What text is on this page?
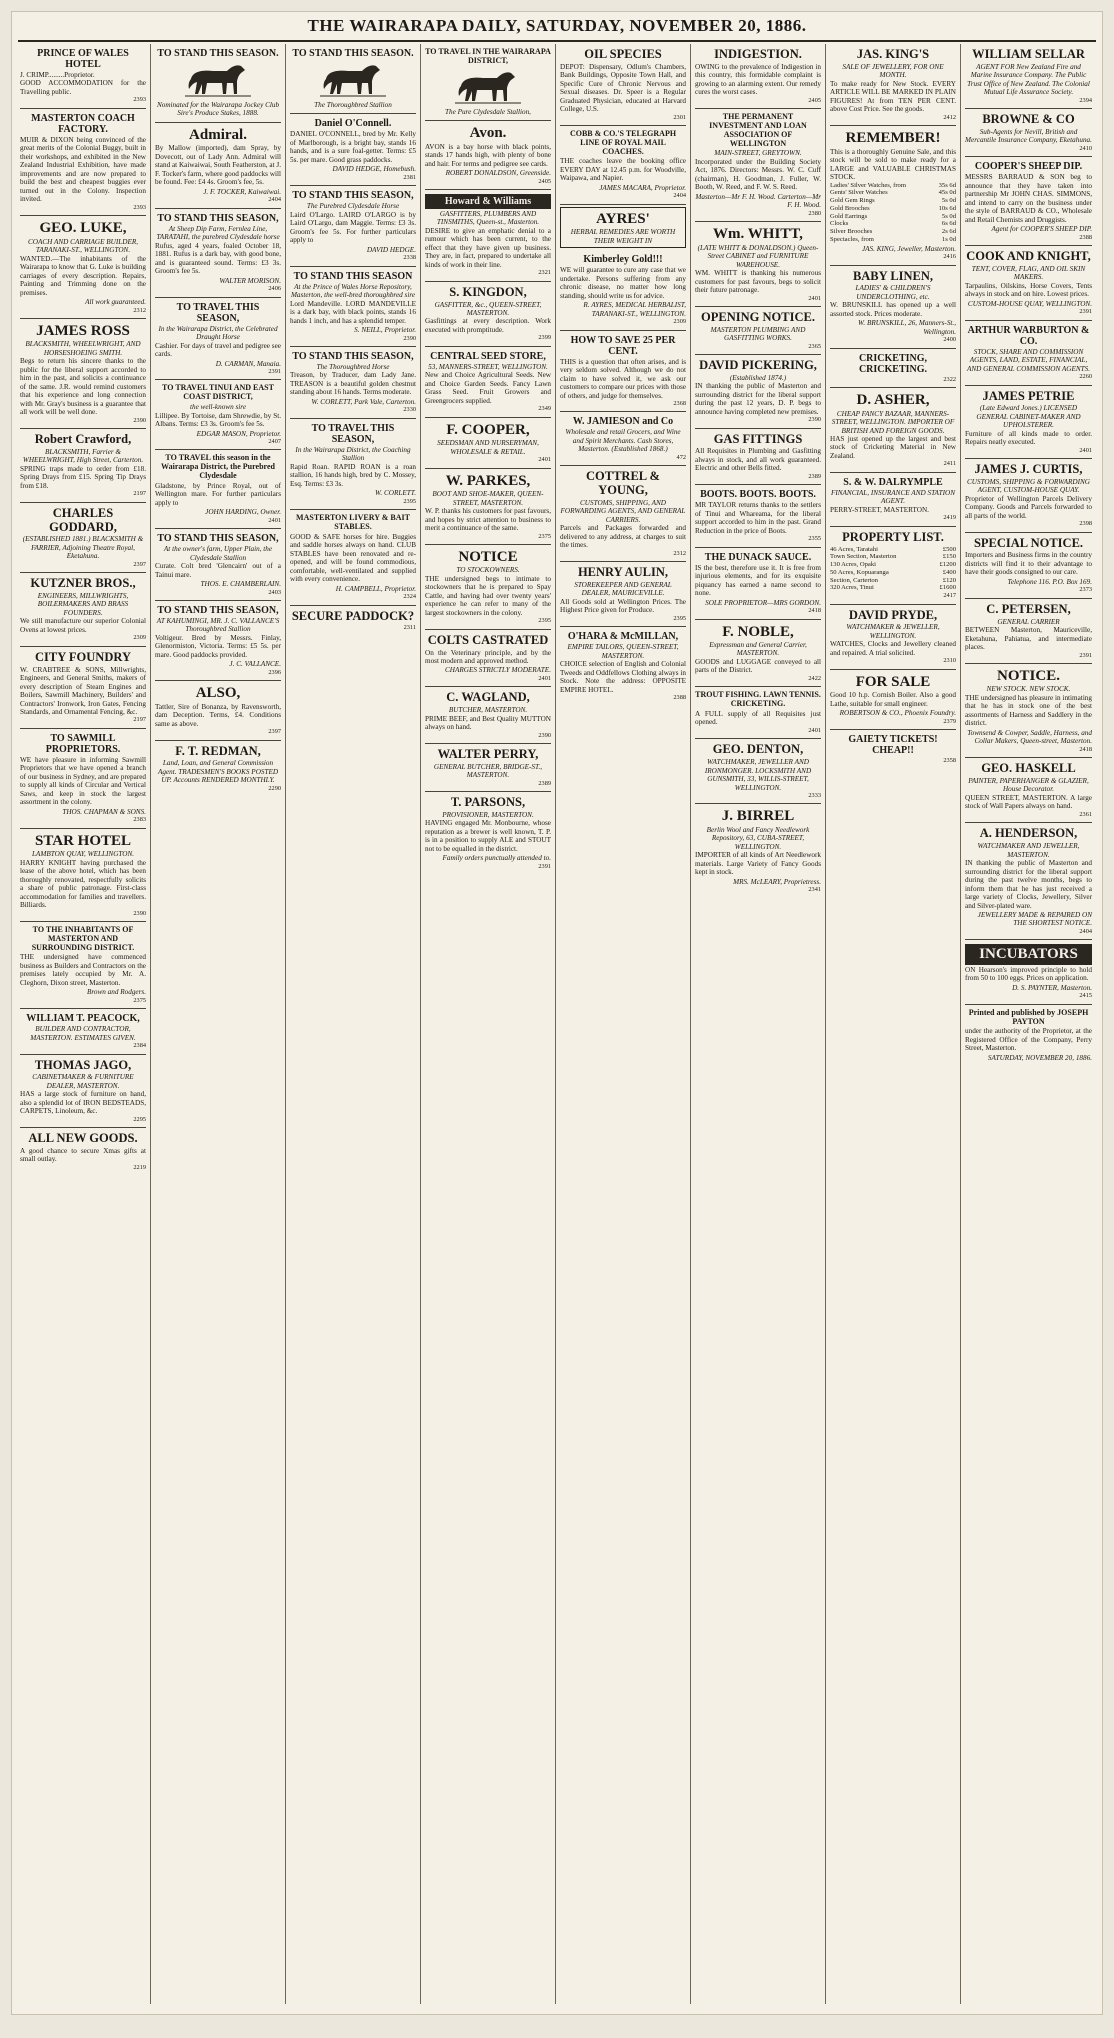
THE WAIRARAPA DAILY, SATURDAY, NOVEMBER 20, 1886.
PRINCE OF WALES HOTEL
J. CRIMP.........Proprietor.
GOOD ACCOMMODATION for the Travelling public.
2393
MASTERTON COACH FACTORY.
MUIR & DIXON being convinced of the great merits of the Colonial Buggy, built in their workshops, and exhibited in the New Zealand Industrial Exhibition, have made improvements and are now prepared to build the best and cheapest buggies ever turned out in the Colony. Inspection invited.
2393
GEO. LUKE,
COACH AND CARRIAGE BUILDER, TARANAKI-ST., WELLINGTON.
WANTED.—The inhabitants of the Wairarapa to know that G. Luke is building carriages of every description. Repairs, Painting and Trimming done on the premises.
All work guaranteed.
2312
JAMES ROSS
BLACKSMITH, WHEELWRIGHT, AND HORSESHOEING SMITH.
Begs to return his sincere thanks to the public for the liberal support accorded to him in the past, and solicits a continuance of the same. J.R. would remind customers that his experience and long connection with Mr. Gray's business is a guarantee that all work will be well done.
2390
Robert Crawford,
BLACKSMITH, Farrier & WHEELWRIGHT, High Street, Carterton.
SPRING traps made to order from £18. Spring Drays from £15. Spring Tip Drays from £18.
2197
CHARLES GODDARD,
(ESTABLISHED 1881.) BLACKSMITH & FARRIER, Adjoining Theatre Royal, Eketahuna.
2397
KUTZNER BROS.,
ENGINEERS, MILLWRIGHTS, BOILERMAKERS AND BRASS FOUNDERS.
We still manufacture our superior Colonial Ovens at lowest prices.
2309
CITY FOUNDRY
W. CRABTREE & SONS, Millwrights, Engineers, and General Smiths, makers of every description of Steam Engines and Boilers, Sawmill Machinery, Builders' and Contractors' Ironwork, Iron Gates, Fencing Standards, and Ornamental Fencing, &c.
2197
TO SAWMILL PROPRIETORS.
WE have pleasure in informing Sawmill Proprietors that we have opened a branch of our business in Sydney, and are prepared to supply all kinds of Circular and Vertical Saws, and keep in stock the largest assortment in the colony.
THOS. CHAPMAN & SONS.
2383
STAR HOTEL
LAMBTON QUAY, WELLINGTON.
HARRY KNIGHT having purchased the lease of the above hotel, which has been thoroughly renovated, respectfully solicits a share of public patronage. First-class accommodation for families and travellers. Billiards.
2390
TO THE INHABITANTS OF MASTERTON AND SURROUNDING DISTRICT.
THE undersigned have commenced business as Builders and Contractors on the premises lately occupied by Mr. A. Cleghorn, Dixon street, Masterton.
Brown and Rodgers.
2375
WILLIAM T. PEACOCK,
BUILDER AND CONTRACTOR, MASTERTON. ESTIMATES GIVEN.
2384
THOMAS JAGO,
CABINETMAKER & FURNITURE DEALER, MASTERTON.
HAS a large stock of furniture on hand, also a splendid lot of IRON BEDSTEADS, CARPETS, Linoleum, &c.
2295
ALL NEW GOODS.
A good chance to secure Xmas gifts at small outlay.
2219
TO STAND THIS SEASON.
Nominated for the Wairarapa Jockey Club Sire's Produce Stakes, 1888.
Admiral.
By Mallow (imported), dam Spray, by Dovecott, out of Lady Ann. Admiral will stand at Kaiwaiwai, South Featherston, at J. F. Tocker's farm, where good paddocks will be found. Fee: £4 4s. Groom's fee, 5s.
J. F. TOCKER, Kaiwaiwai.
2404
TO STAND THIS SEASON,
At Sheep Dip Farm, Fernlea Line, TARATAHI, the purebred Clydesdale horse
Rufus, aged 4 years, foaled October 18, 1881. Rufus is a dark bay, with good bone, and is guaranteed sound. Terms: £3 3s. Groom's fee 5s.
WALTER MORISON.
2406
TO TRAVEL THIS SEASON,
In the Wairarapa District, the Celebrated Draught Horse
Cashier. For days of travel and pedigree see cards.
D. CARMAN, Manaia.
2391
TO TRAVEL TINUI AND EAST COAST DISTRICT,
the well-known sire
Lillipee. By Tortoise, dam Shrewdie, by St. Albans. Terms: £3 3s. Groom's fee 5s.
EDGAR MASON, Proprietor.
2407
TO TRAVEL this season in the Wairarapa District, the Purebred Clydesdale
Gladstone, by Prince Royal, out of Wellington mare. For further particulars apply to
JOHN HARDING, Owner.
2401
TO STAND THIS SEASON,
At the owner's farm, Upper Plain, the Clydesdale Stallion
Curate. Colt bred 'Glencairn' out of a Tainui mare.
THOS. E. CHAMBERLAIN.
2403
TO STAND THIS SEASON,
AT KAHUMINGI, MR. J. C. VALLANCE'S Thoroughbred Stallion
Voltigeur. Bred by Messrs. Finlay, Glenormiston, Victoria. Terms: £5 5s. per mare. Good paddocks provided.
J. C. VALLANCE.
2396
ALSO,
Tattler, Sire of Bonanza, by Ravensworth, dam Deception. Terms, £4. Conditions same as above.
2397
F. T. REDMAN,
Land, Loan, and General Commission Agent. TRADESMEN'S BOOKS POSTED UP. Accounts RENDERED MONTHLY.
2290
TO STAND THIS SEASON.
The Thoroughbred Stallion
Daniel O'Connell.
DANIEL O'CONNELL, bred by Mr. Kelly of Marlborough, is a bright bay, stands 16 hands, and is a sure foal-getter. Terms: £5 5s. per mare. Good grass paddocks.
DAVID HEDGE, Homebush.
2381
TO STAND THIS SEASON,
The Purebred Clydesdale Horse
Laird O'Largo. LAIRD O'LARGO is by Laird O'Largo, dam Maggie. Terms: £3 3s. Groom's fee 5s. For further particulars apply to
DAVID HEDGE.
2338
TO STAND THIS SEASON
At the Prince of Wales Horse Repository, Masterton, the well-bred thoroughbred sire
Lord Mandeville. LORD MANDEVILLE is a dark bay, with black points, stands 16 hands 1 inch, and has a splendid temper.
S. NEILL, Proprietor.
2390
TO STAND THIS SEASON,
The Thoroughbred Horse
Treason, by Traducer, dam Lady Jane. TREASON is a beautiful golden chestnut standing about 16 hands. Terms moderate.
W. CORLETT, Park Vale, Carterton.
2330
TO TRAVEL THIS SEASON,
In the Wairarapa District, the Coaching Stallion
Rapid Roan. RAPID ROAN is a roan stallion, 16 hands high, bred by C. Mossey, Esq. Terms: £3 3s.
W. CORLETT.
2395
MASTERTON LIVERY & BAIT STABLES.
GOOD & SAFE horses for hire. Buggies and saddle horses always on hand. CLUB STABLES have been renovated and re-opened, and will be found commodious, comfortable, well-ventilated and supplied with every convenience.
H. CAMPBELL, Proprietor.
2324
SECURE PADDOCK?
2311
TO TRAVEL IN THE WAIRARAPA DISTRICT,
The Pure Clydesdale Stallion,
Avon.
AVON is a bay horse with black points, stands 17 hands high, with plenty of bone and hair. For terms and pedigree see cards.
ROBERT DONALDSON, Greenside.
2405
Howard & Williams
GASFITTERS, PLUMBERS AND TINSMITHS, Queen-st., Masterton.
DESIRE to give an emphatic denial to a rumour which has been current, to the effect that they have given up business. They are, in fact, prepared to undertake all kinds of work in their line.
2321
S. KINGDON,
GASFITTER, &c., QUEEN-STREET, MASTERTON.
Gasfittings at every description. Work executed with promptitude.
2399
CENTRAL SEED STORE,
53, MANNERS-STREET, WELLINGTON.
New and Choice Agricultural Seeds. New and Choice Garden Seeds. Fancy Lawn Grass Seed. Fruit Growers and Greengrocers supplied.
2349
F. COOPER,
SEEDSMAN AND NURSERYMAN, WHOLESALE & RETAIL.
2401
W. PARKES,
BOOT AND SHOE-MAKER, QUEEN-STREET, MASTERTON.
W. P. thanks his customers for past favours, and hopes by strict attention to business to merit a continuance of the same.
2375
NOTICE
TO STOCKOWNERS.
THE undersigned begs to intimate to stockowners that he is prepared to Spay Cattle, and having had over twenty years' experience he can refer to many of the largest stockowners in the colony.
2395
COLTS CASTRATED
On the Veterinary principle, and by the most modern and approved method.
CHARGES STRICTLY MODERATE.
2401
C. WAGLAND,
BUTCHER, MASTERTON.
PRIME BEEF, and Best Quality MUTTON always on hand.
2390
WALTER PERRY,
GENERAL BUTCHER, BRIDGE-ST., MASTERTON.
2389
T. PARSONS,
PROVISIONER, MASTERTON.
HAVING engaged Mr. Monbourne, whose reputation as a brewer is well known, T. P. is in a position to supply ALE and STOUT not to be equalled in the district.
Family orders punctually attended to.
2391
OIL SPECIES
DEPOT: Dispensary, Odlum's Chambers, Bank Buildings, Opposite Town Hall, and Specific Cure of Chronic Nervous and Sexual diseases. Dr. Speer is a Regular Graduated Physician, educated at Harvard College, U.S.
2301
COBB & CO.'S TELEGRAPH LINE OF ROYAL MAIL COACHES.
THE coaches leave the booking office EVERY DAY at 12.45 p.m. for Woodville, Waipawa, and Napier.
JAMES MACARA, Proprietor.
2404
AYRES'
HERBAL REMEDIES ARE WORTH THEIR WEIGHT IN
Kimberley Gold!!!
WE will guarantee to cure any case that we undertake. Persons suffering from any chronic disease, no matter how long standing, should write us for advice.
R. AYRES, MEDICAL HERBALIST, TARANAKI-ST., WELLINGTON.
2309
HOW TO SAVE 25 PER CENT.
THIS is a question that often arises, and is very seldom solved. Although we do not claim to have solved it, we ask our customers to compare our prices with those of others, and judge for themselves.
2368
W. JAMIESON and Co
Wholesale and retail Grocers, and Wine and Spirit Merchants. Cash Stores, Masterton. (Established 1868.)
472
COTTREL & YOUNG,
CUSTOMS, SHIPPING, AND FORWARDING AGENTS, AND GENERAL CARRIERS.
Parcels and Packages forwarded and delivered to any address, at charges to suit the times.
2312
HENRY AULIN,
STOREKEEPER AND GENERAL DEALER, MAURICEVILLE.
All Goods sold at Wellington Prices. The Highest Price given for Produce.
2395
O'HARA & McMILLAN,
EMPIRE TAILORS, QUEEN-STREET, MASTERTON.
CHOICE selection of English and Colonial Tweeds and Oddfellows Clothing always in Stock. Note the address: OPPOSITE EMPIRE HOTEL.
2388
INDIGESTION.
OWING to the prevalence of Indigestion in this country, this formidable complaint is growing to an alarming extent. Our remedy cures the worst cases.
2405
THE PERMANENT INVESTMENT AND LOAN ASSOCIATION OF WELLINGTON
MAIN-STREET, GREYTOWN.
Incorporated under the Building Society Act, 1876. Directors: Messrs. W. C. Cuff (chairman), H. Goodman, J. Fuller, W. Booth, W. Reed, and F. W. S. Reed.
Masterton—Mr F. H. Wood. Carterton—Mr F. H. Wood.
2380
Wm. WHITT,
(LATE WHITT & DONALDSON.) Queen-Street CABINET and FURNITURE WAREHOUSE.
WM. WHITT is thanking his numerous customers for past favours, begs to solicit their future patronage.
2401
OPENING NOTICE.
MASTERTON PLUMBING AND GASFITTING WORKS.
2365
DAVID PICKERING,
(Established 1874.)
IN thanking the public of Masterton and surrounding district for the liberal support during the past 12 years, D. P. begs to announce having completed new premises.
2390
GAS FITTINGS
All Requisites in Plumbing and Gasfitting always in stock, and all work guaranteed. Electric and other Bells fitted.
2389
BOOTS. BOOTS. BOOTS.
MR TAYLOR returns thanks to the settlers of Tinui and Whareama, for the liberal support accorded to him in the past. Grand Reduction in the price of Boots.
2355
THE DUNACK SAUCE.
IS the best, therefore use it. It is free from injurious elements, and for its exquisite piquancy has earned a name second to none.
SOLE PROPRIETOR—MRS GORDON.
2418
F. NOBLE,
Expressman and General Carrier, MASTERTON.
GOODS and LUGGAGE conveyed to all parts of the District.
2422
TROUT FISHING. LAWN TENNIS. CRICKETING.
A FULL supply of all Requisites just opened.
2401
GEO. DENTON,
WATCHMAKER, JEWELLER AND IRONMONGER. LOCKSMITH AND GUNSMITH, 33, WILLIS-STREET, WELLINGTON.
2333
J. BIRREL
Berlin Wool and Fancy Needlework Repository, 63, CUBA-STREET, WELLINGTON.
IMPORTER of all kinds of Art Needlework materials. Large Variety of Fancy Goods kept in stock.
MRS. McLEARY, Proprietress.
2341
JAS. KING'S
SALE OF JEWELLERY, FOR ONE MONTH.
To make ready for New Stock. EVERY ARTICLE WILL BE MARKED IN PLAIN FIGURES! At from TEN PER CENT. above Cost Price. See the goods.
2412
REMEMBER!
This is a thoroughly Genuine Sale, and this stock will be sold to make ready for a LARGE and VALUABLE CHRISTMAS STOCK.
Ladies' Silver Watches, from	35s 6d
Gents' Silver Watches	45s 0d
Gold Gem Rings	5s 0d
Gold Brooches	10s 6d
Gold Earrings	5s 0d
Clocks	6s 6d
Silver Brooches	2s 6d
Spectacles, from	1s 0d
JAS. KING, Jeweller, Masterton.
2416
BABY LINEN,
LADIES' & CHILDREN'S UNDERCLOTHING, etc.
W. BRUNSKILL has opened up a well assorted stock. Prices moderate.
W. BRUNSKILL, 26, Manners-St., Wellington.
2400
CRICKETING, CRICKETING.
2322
D. ASHER,
CHEAP FANCY BAZAAR, MANNERS-STREET, WELLINGTON. IMPORTER OF BRITISH AND FOREIGN GOODS.
HAS just opened up the largest and best stock of Cricketing Material in New Zealand.
2411
S. & W. DALRYMPLE
FINANCIAL, INSURANCE AND STATION AGENT.
PERRY-STREET, MASTERTON.
2419
PROPERTY LIST.
46 Acres, Taratahi	£500
Town Section, Masterton	£150
130 Acres, Opaki	£1200
50 Acres, Kopuaranga	£400
Section, Carterton	£120
320 Acres, Tinui	£1600
2417
DAVID PRYDE,
WATCHMAKER & JEWELLER, WELLINGTON.
WATCHES, Clocks and Jewellery cleaned and repaired. A trial solicited.
2310
FOR SALE
Good 10 h.p. Cornish Boiler. Also a good Lathe, suitable for small engineer.
ROBERTSON & CO., Phoenix Foundry.
2379
GAIETY TICKETS! CHEAP!!
2358
WILLIAM SELLAR
AGENT FOR New Zealand Fire and Marine Insurance Company. The Public Trust Office of New Zealand. The Colonial Mutual Life Assurance Society.
2394
BROWNE & CO
Sub-Agents for Nevill, British and Mercantile Insurance Company, Eketahuna.
2410
COOPER'S SHEEP DIP.
MESSRS BARRAUD & SON beg to announce that they have taken into partnership Mr JOHN CHAS. SIMMONS, and intend to carry on the business under the style of BARRAUD & CO., Wholesale and Retail Chemists and Druggists.
Agent for COOPER'S SHEEP DIP.
2388
COOK AND KNIGHT,
TENT, COVER, FLAG, AND OIL SKIN MAKERS.
Tarpaulins, Oilskins, Horse Covers, Tents always in stock and on hire. Lowest prices.
CUSTOM-HOUSE QUAY, WELLINGTON.
2391
ARTHUR WARBURTON & CO.
STOCK, SHARE AND COMMISSION AGENTS, LAND, ESTATE, FINANCIAL, AND GENERAL COMMISSION AGENTS.
2260
JAMES PETRIE
(Late Edward Jones.) LICENSED GENERAL CABINET-MAKER AND UPHOLSTERER.
Furniture of all kinds made to order. Repairs neatly executed.
2401
JAMES J. CURTIS,
CUSTOMS, SHIPPING & FORWARDING AGENT, CUSTOM-HOUSE QUAY.
Proprietor of Wellington Parcels Delivery Company. Goods and Parcels forwarded to all parts of the world.
2398
SPECIAL NOTICE.
Importers and Business firms in the country districts will find it to their advantage to have their goods consigned to our care.
Telephone 116. P.O. Box 169.
2373
C. PETERSEN,
GENERAL CARRIER
BETWEEN Masterton, Mauriceville, Eketahuna, Pahiatua, and intermediate places.
2391
NOTICE.
NEW STOCK. NEW STOCK.
THE undersigned has pleasure in intimating that he has in stock one of the best assortments of Harness and Saddlery in the district.
Townsend & Cowper, Saddle, Harness, and Collar Makers, Queen-street, Masterton.
2418
GEO. HASKELL
PAINTER, PAPERHANGER & GLAZIER, House Decorator.
QUEEN STREET, MASTERTON. A large stock of Wall Papers always on hand.
2361
A. HENDERSON,
WATCHMAKER AND JEWELLER, MASTERTON.
IN thanking the public of Masterton and surrounding district for the liberal support during the past twelve months, begs to inform them that he has just received a large variety of Clocks, Jewellery, Silver and Silver-plated ware.
JEWELLERY MADE & REPAIRED ON THE SHORTEST NOTICE.
2404
INCUBATORS
ON Hearson's improved principle to hold from 50 to 100 eggs. Prices on application.
D. S. PAYNTER, Masterton.
2415
Printed and published by JOSEPH PAYTON
under the authority of the Proprietor, at the Registered Office of the Company, Perry Street, Masterton.
SATURDAY, NOVEMBER 20, 1886.
